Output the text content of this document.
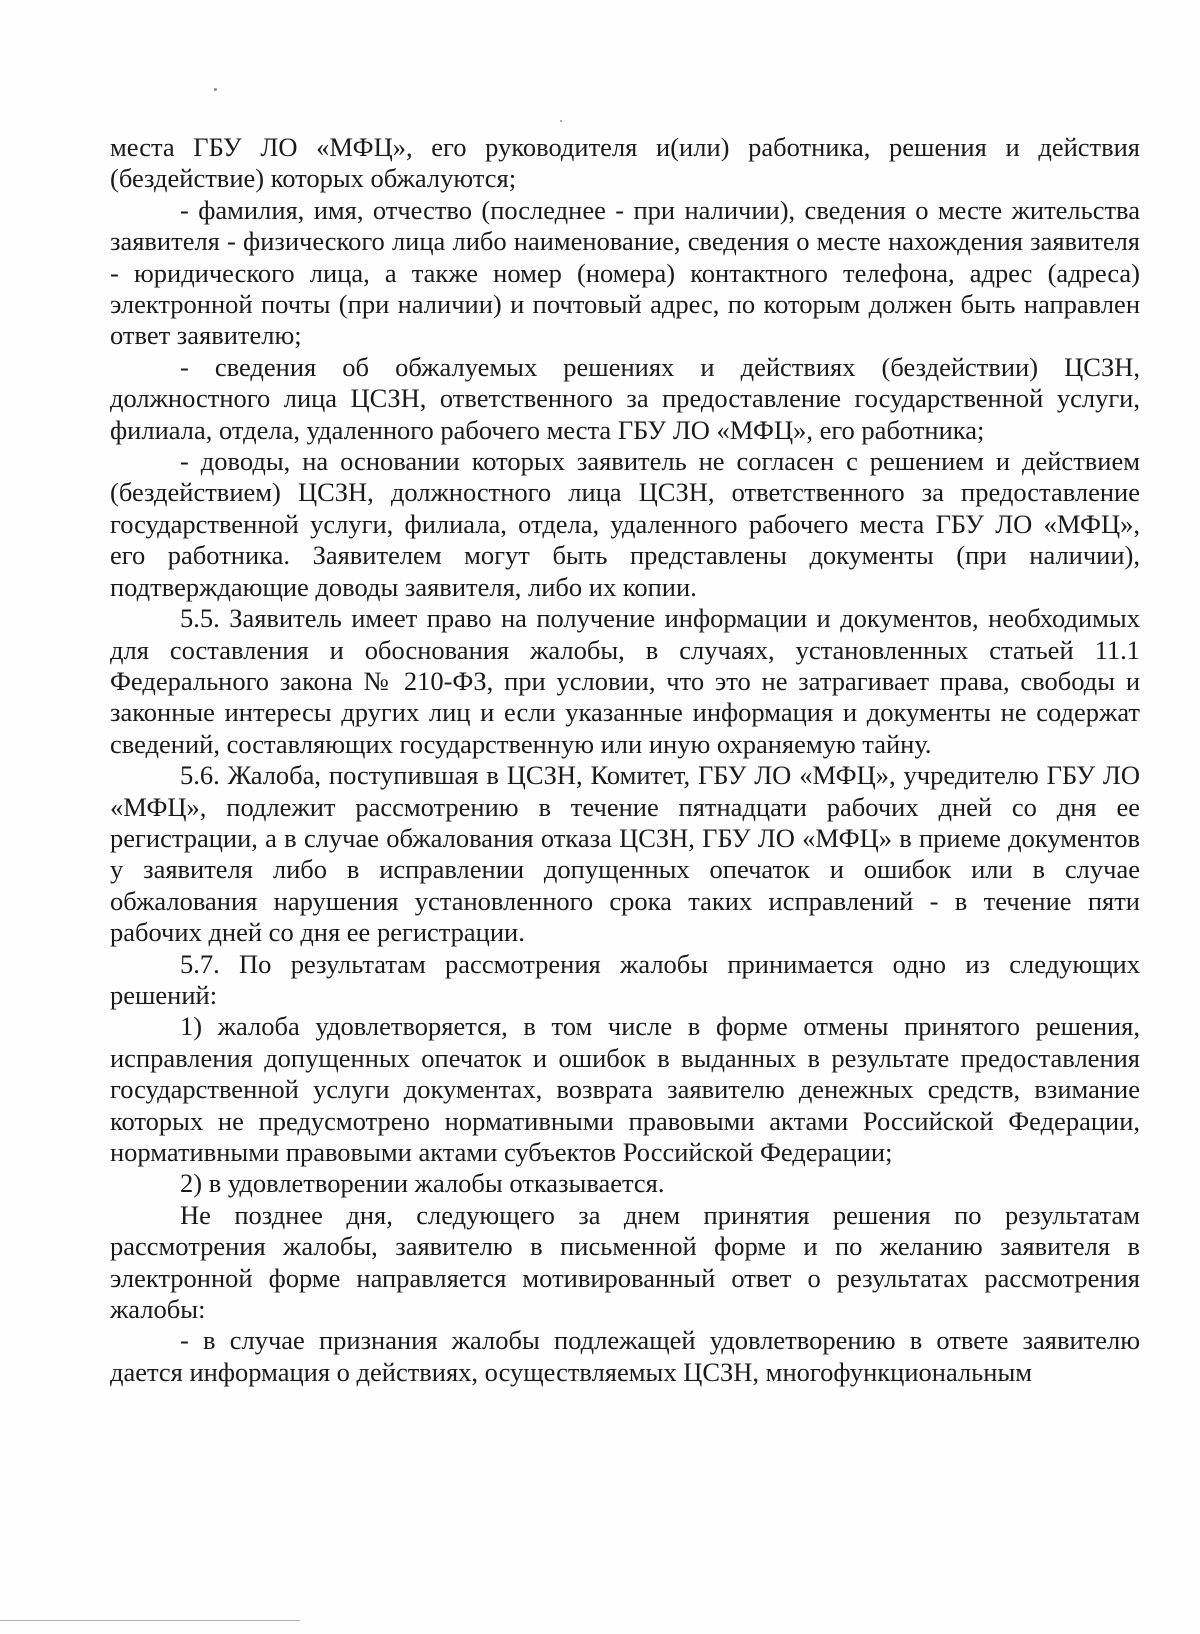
места ГБУ ЛО «МФЦ», его руководителя и(или) работника, решения и действия (бездействие) которых обжалуются;

- фамилия, имя, отчество (последнее - при наличии), сведения о месте жительства заявителя - физического лица либо наименование, сведения о месте нахождения заявителя - юридического лица, а также номер (номера) контактного телефона, адрес (адреса) электронной почты (при наличии) и почтовый адрес, по которым должен быть направлен ответ заявителю;

- сведения об обжалуемых решениях и действиях (бездействии) ЦСЗН, должностного лица ЦСЗН, ответственного за предоставление государственной услуги, филиала, отдела, удаленного рабочего места ГБУ ЛО «МФЦ», его работника;

- доводы, на основании которых заявитель не согласен с решением и действием (бездействием) ЦСЗН, должностного лица ЦСЗН, ответственного за предоставление государственной услуги, филиала, отдела, удаленного рабочего места ГБУ ЛО «МФЦ», его работника. Заявителем могут быть представлены документы (при наличии), подтверждающие доводы заявителя, либо их копии.

5.5. Заявитель имеет право на получение информации и документов, необходимых для составления и обоснования жалобы, в случаях, установленных статьей 11.1 Федерального закона № 210-ФЗ, при условии, что это не затрагивает права, свободы и законные интересы других лиц и если указанные информация и документы не содержат сведений, составляющих государственную или иную охраняемую тайну.

5.6. Жалоба, поступившая в ЦСЗН, Комитет, ГБУ ЛО «МФЦ», учредителю ГБУ ЛО «МФЦ», подлежит рассмотрению в течение пятнадцати рабочих дней со дня ее регистрации, а в случае обжалования отказа ЦСЗН, ГБУ ЛО «МФЦ» в приеме документов у заявителя либо в исправлении допущенных опечаток и ошибок или в случае обжалования нарушения установленного срока таких исправлений - в течение пяти рабочих дней со дня ее регистрации.

5.7. По результатам рассмотрения жалобы принимается одно из следующих решений:

1) жалоба удовлетворяется, в том числе в форме отмены принятого решения, исправления допущенных опечаток и ошибок в выданных в результате предоставления государственной услуги документах, возврата заявителю денежных средств, взимание которых не предусмотрено нормативными правовыми актами Российской Федерации, нормативными правовыми актами субъектов Российской Федерации;

2) в удовлетворении жалобы отказывается.

Не позднее дня, следующего за днем принятия решения по результатам рассмотрения жалобы, заявителю в письменной форме и по желанию заявителя в электронной форме направляется мотивированный ответ о результатах рассмотрения жалобы:

- в случае признания жалобы подлежащей удовлетворению в ответе заявителю дается информация о действиях, осуществляемых ЦСЗН, многофункциональным
